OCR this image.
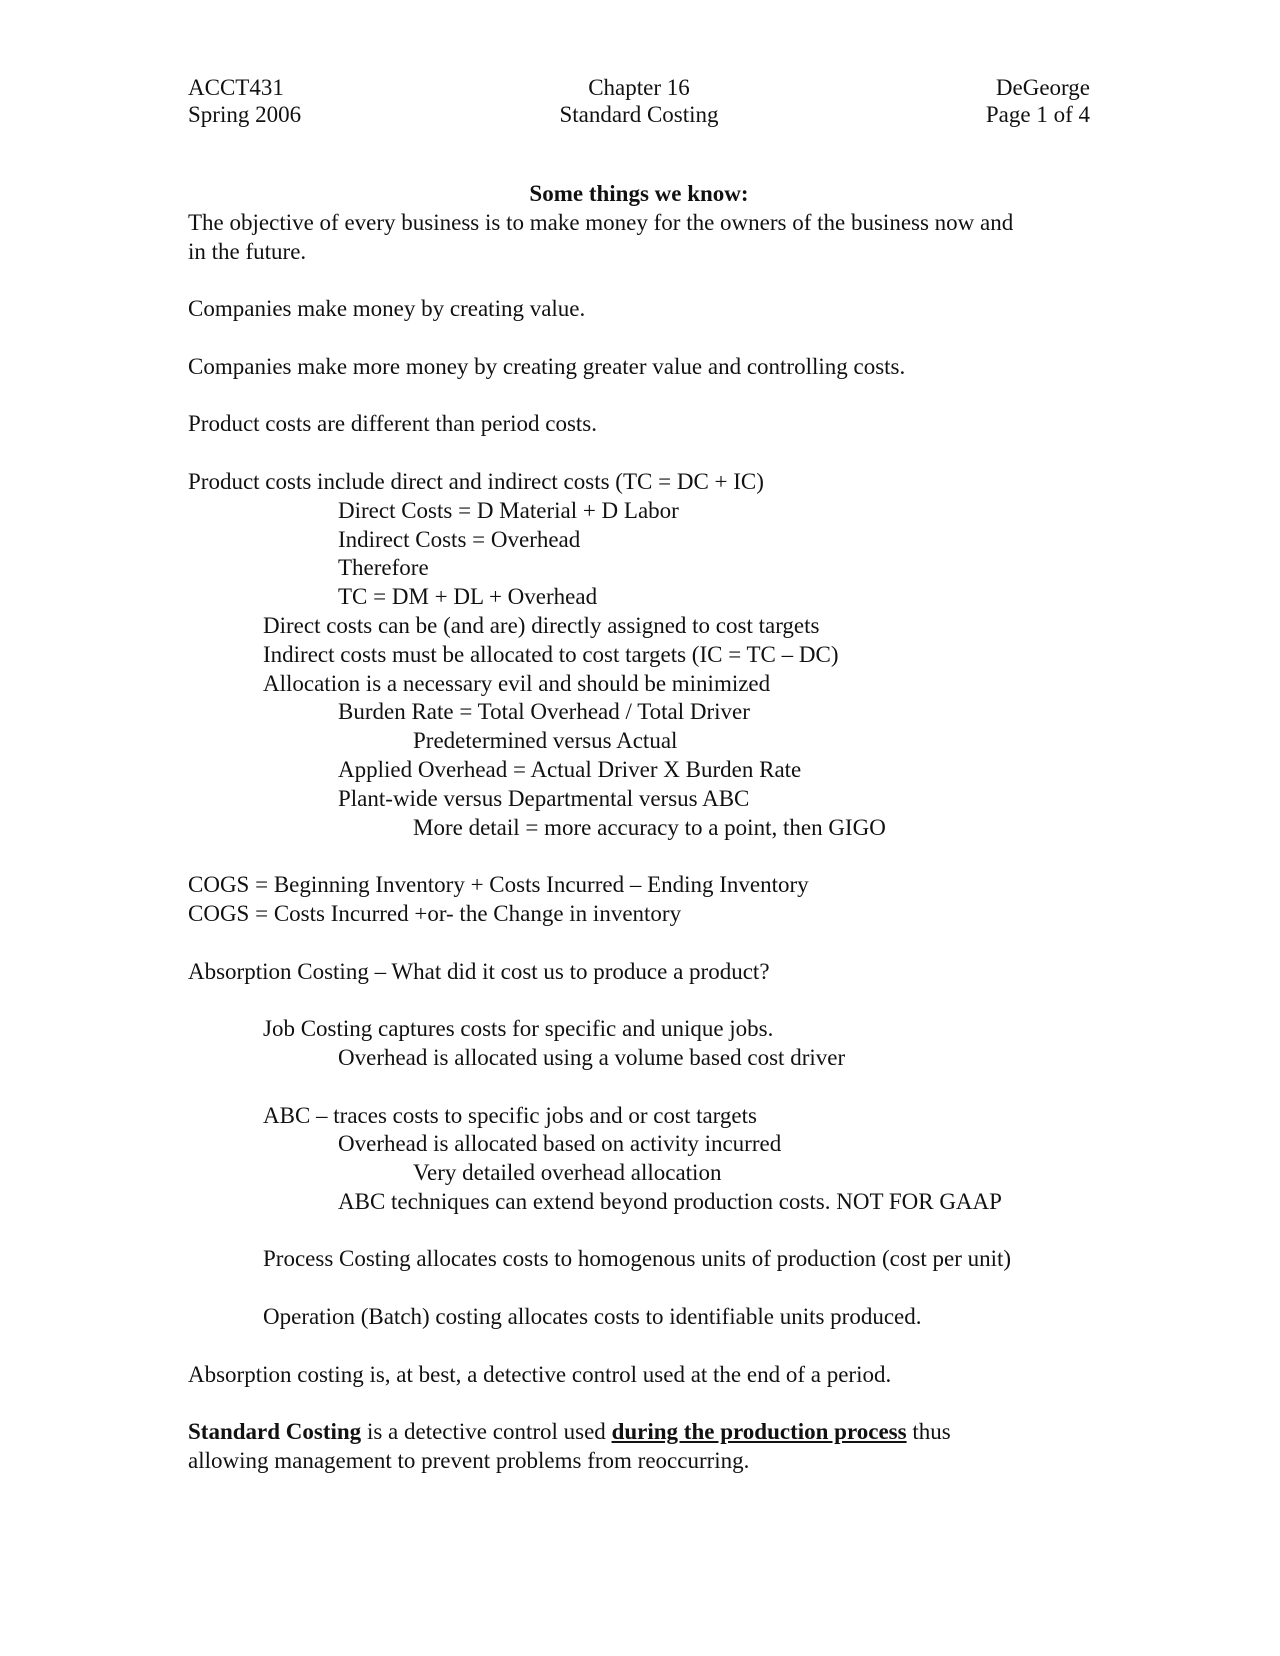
ACCT431
Spring 2006
Chapter 16
Standard Costing
DeGeorge
Page 1 of 4
Some things we know:
The objective of every business is to make money for the owners of the business now and
in the future.
Companies make money by creating value.
Companies make more money by creating greater value and controlling costs.
Product costs are different than period costs.
Product costs include direct and indirect costs (TC = DC + IC)
Direct Costs = D Material + D Labor
Indirect Costs = Overhead
Therefore
TC = DM + DL + Overhead
Direct costs can be (and are) directly assigned to cost targets
Indirect costs must be allocated to cost targets (IC = TC – DC)
Allocation is a necessary evil and should be minimized
Burden Rate = Total Overhead / Total Driver
Predetermined versus Actual
Applied Overhead = Actual Driver X Burden Rate
Plant-wide versus Departmental versus ABC
More detail = more accuracy to a point, then GIGO
COGS = Beginning Inventory + Costs Incurred – Ending Inventory
COGS = Costs Incurred +or- the Change in inventory
Absorption Costing – What did it cost us to produce a product?
Job Costing captures costs for specific and unique jobs.
Overhead is allocated using a volume based cost driver
ABC – traces costs to specific jobs and or cost targets
Overhead is allocated based on activity incurred
Very detailed overhead allocation
ABC techniques can extend beyond production costs. NOT FOR GAAP
Process Costing allocates costs to homogenous units of production (cost per unit)
Operation (Batch) costing allocates costs to identifiable units produced.
Absorption costing is, at best, a detective control used at the end of a period.
Standard Costing is a detective control used during the production process thus
allowing management to prevent problems from reoccurring.
